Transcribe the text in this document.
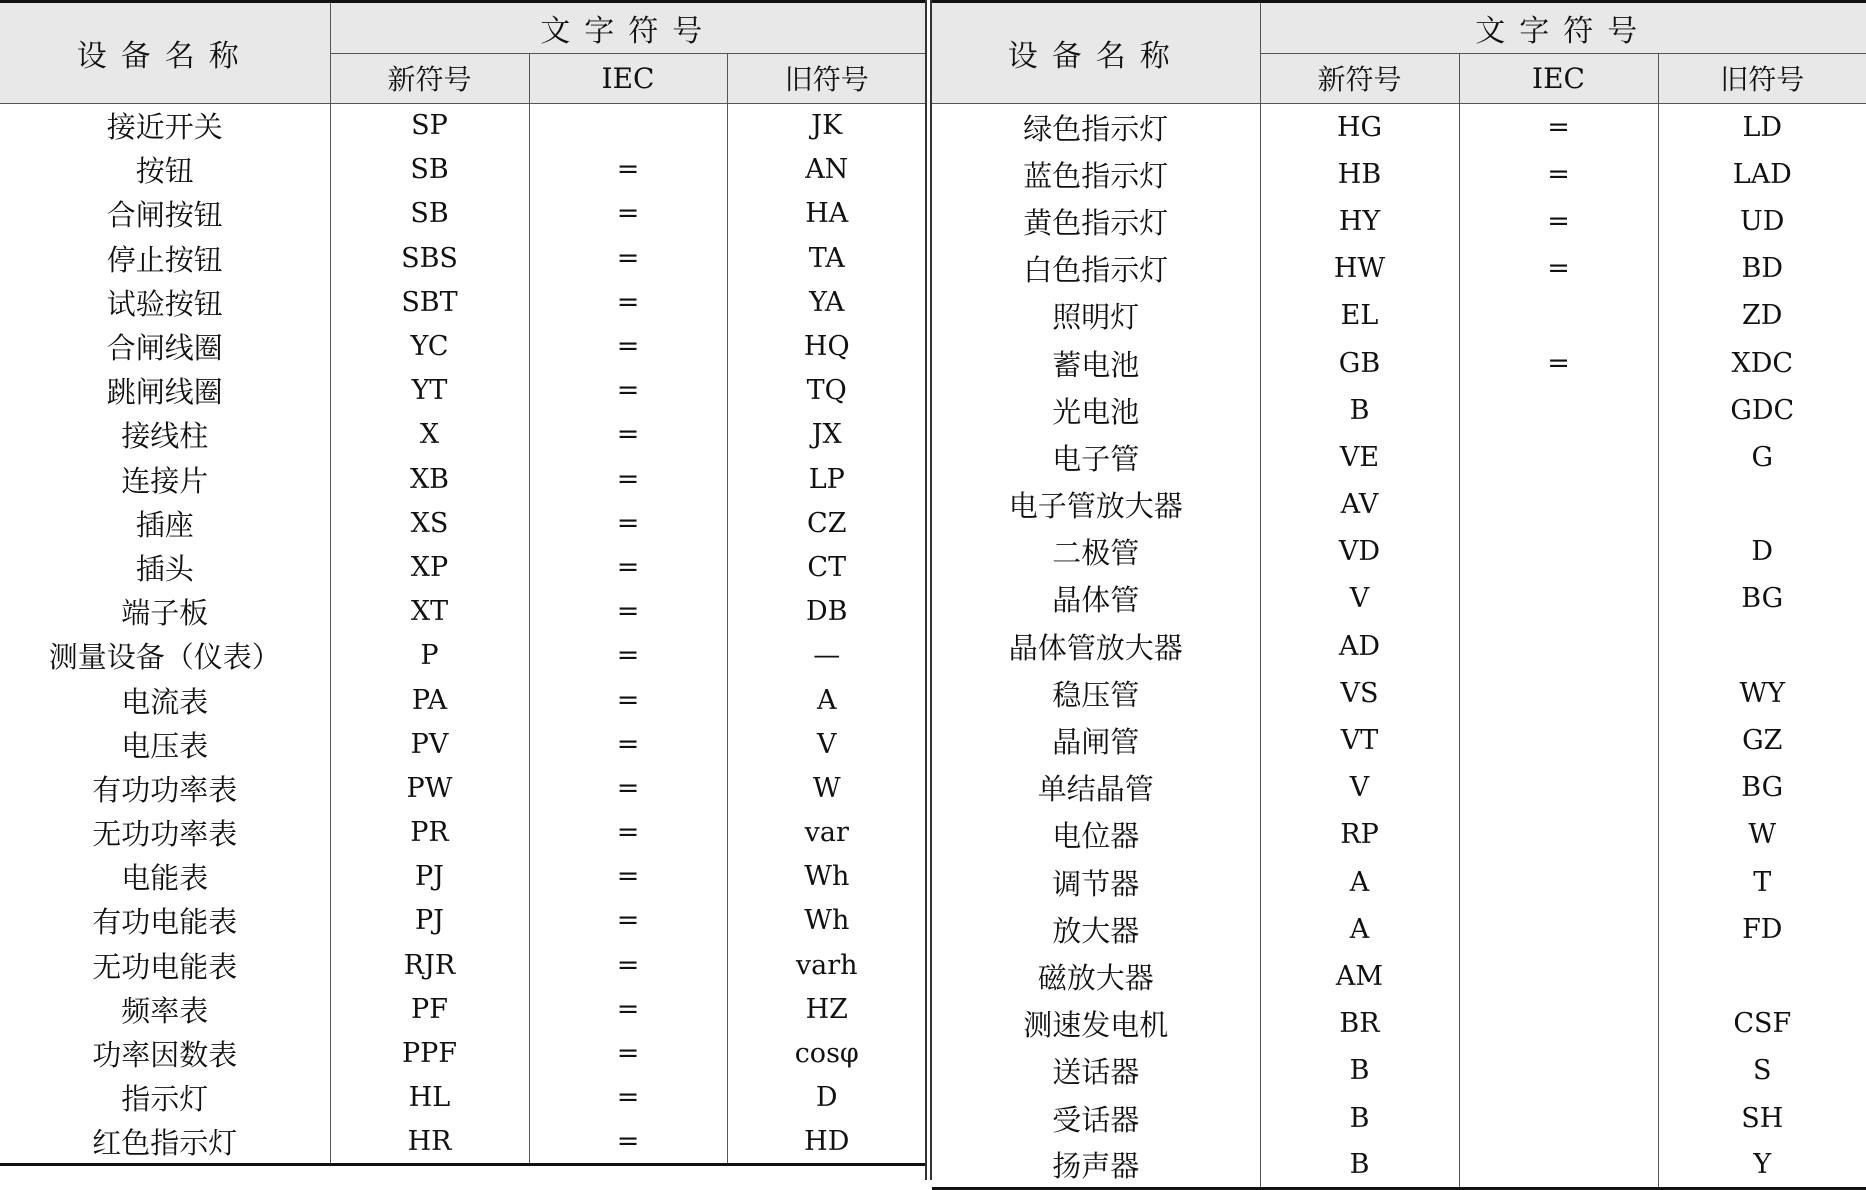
设备名称	文字符号		
	新符号	IEC	旧符号
接近开关	SP		JK
按钮	SB	=	AN
合闸按钮	SB	=	HA
停止按钮	SBS	=	TA
试验按钮	SBT	=	YA
合闸线圈	YC	=	HQ
跳闸线圈	YT	=	TQ
接线柱	X	=	JX
连接片	XB	=	LP
插座	XS	=	CZ
插头	XP	=	CT
端子板	XT	=	DB
测量设备（仪表）	P	=	—
电流表	PA	=	A
电压表	PV	=	V
有功功率表	PW	=	W
无功功率表	PR	=	var
电能表	PJ	=	Wh
有功电能表	PJ	=	Wh
无功电能表	RJR	=	varh
频率表	PF	=	HZ
功率因数表	PPF	=	cosφ
指示灯	HL	=	D
红色指示灯	HR	=	HD
设备名称	文字符号		
	新符号	IEC	旧符号
绿色指示灯	HG	=	LD
蓝色指示灯	HB	=	LAD
黄色指示灯	HY	=	UD
白色指示灯	HW	=	BD
照明灯	EL		ZD
蓄电池	GB	=	XDC
光电池	B		GDC
电子管	VE		G
电子管放大器	AV		
二极管	VD		D
晶体管	V		BG
晶体管放大器	AD		
稳压管	VS		WY
晶闸管	VT		GZ
单结晶管	V		BG
电位器	RP		W
调节器	A		T
放大器	A		FD
磁放大器	AM		
测速发电机	BR		CSF
送话器	B		S
受话器	B		SH
扬声器	B		Y
